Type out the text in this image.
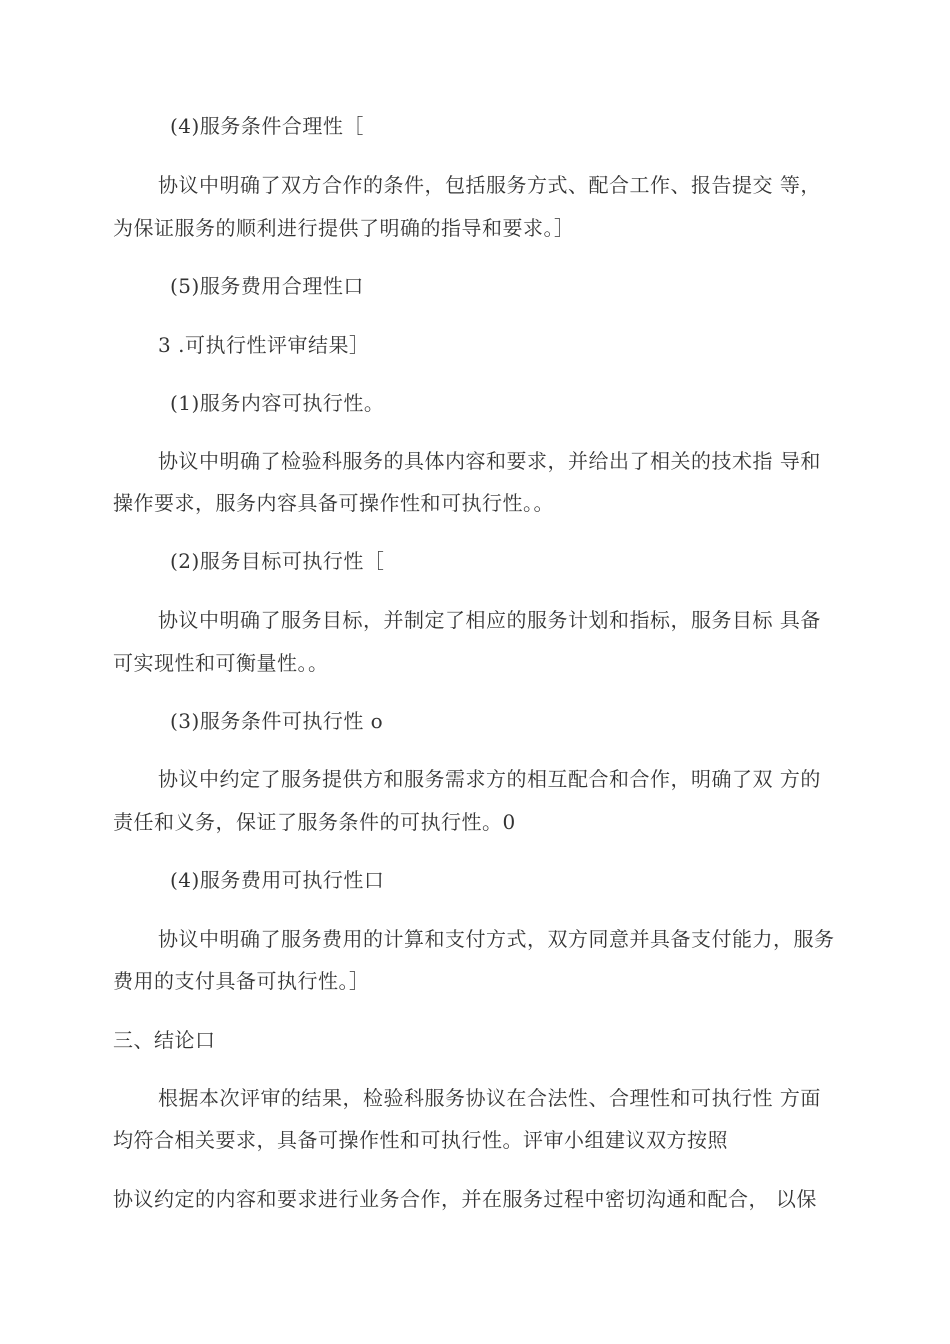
(4)服务条件合理性［
协议中明确了双方合作的条件，包括服务方式、配合工作、报告提交 等，
为保证服务的顺利进行提供了明确的指导和要求。］
(5)服务费用合理性口
3 .可执行性评审结果］
(1)服务内容可执行性。
协议中明确了检验科服务的具体内容和要求，并给出了相关的技术指 导和
操作要求，服务内容具备可操作性和可执行性。。
(2)服务目标可执行性［
协议中明确了服务目标，并制定了相应的服务计划和指标，服务目标 具备
可实现性和可衡量性。。
(3)服务条件可执行性 o
协议中约定了服务提供方和服务需求方的相互配合和合作，明确了双 方的
责任和义务，保证了服务条件的可执行性。0
(4)服务费用可执行性口
协议中明确了服务费用的计算和支付方式，双方同意并具备支付能力，服务
费用的支付具备可执行性。］
三、结论口
根据本次评审的结果，检验科服务协议在合法性、合理性和可执行性 方面
均符合相关要求，具备可操作性和可执行性。评审小组建议双方按照
协议约定的内容和要求进行业务合作，并在服务过程中密切沟通和配合， 以保
